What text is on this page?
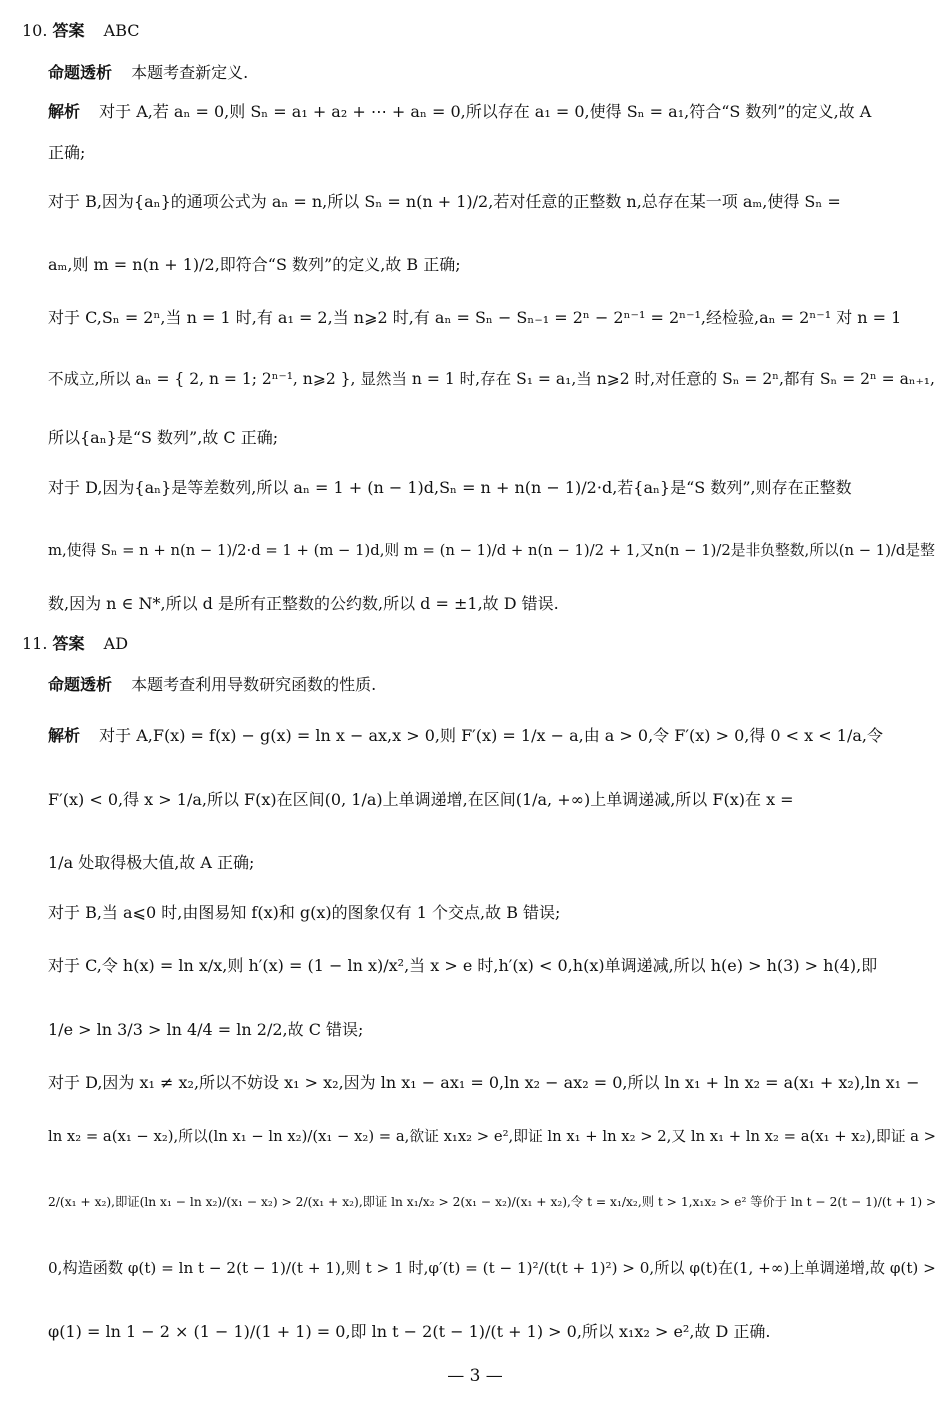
10. 答案 ABC
命题透析 本题考查新定义.
解析 对于 A,若 aₙ = 0,则 Sₙ = a₁ + a₂ + ⋯ + aₙ = 0,所以存在 a₁ = 0,使得 Sₙ = a₁,符合“S 数列”的定义,故 A
正确;
对于 B,因为{aₙ}的通项公式为 aₙ = n,所以 Sₙ = n(n + 1)/2,若对任意的正整数 n,总存在某一项 aₘ,使得 Sₙ =
aₘ,则 m = n(n + 1)/2,即符合“S 数列”的定义,故 B 正确;
对于 C,Sₙ = 2ⁿ,当 n = 1 时,有 a₁ = 2,当 n⩾2 时,有 aₙ = Sₙ − Sₙ₋₁ = 2ⁿ − 2ⁿ⁻¹ = 2ⁿ⁻¹,经检验,aₙ = 2ⁿ⁻¹ 对 n = 1
不成立,所以 aₙ = { 2, n = 1; 2ⁿ⁻¹, n⩾2 }, 显然当 n = 1 时,存在 S₁ = a₁,当 n⩾2 时,对任意的 Sₙ = 2ⁿ,都有 Sₙ = 2ⁿ = aₙ₊₁,
所以{aₙ}是“S 数列”,故 C 正确;
对于 D,因为{aₙ}是等差数列,所以 aₙ = 1 + (n − 1)d,Sₙ = n + n(n − 1)/2·d,若{aₙ}是“S 数列”,则存在正整数
m,使得 Sₙ = n + n(n − 1)/2·d = 1 + (m − 1)d,则 m = (n − 1)/d + n(n − 1)/2 + 1,又n(n − 1)/2是非负整数,所以(n − 1)/d是整
数,因为 n ∈ N*,所以 d 是所有正整数的公约数,所以 d = ±1,故 D 错误.
11. 答案 AD
命题透析 本题考查利用导数研究函数的性质.
解析 对于 A,F(x) = f(x) − g(x) = ln x − ax,x > 0,则 F′(x) = 1/x − a,由 a > 0,令 F′(x) > 0,得 0 < x < 1/a,令
F′(x) < 0,得 x > 1/a,所以 F(x)在区间(0, 1/a)上单调递增,在区间(1/a, +∞)上单调递减,所以 F(x)在 x =
1/a 处取得极大值,故 A 正确;
对于 B,当 a⩽0 时,由图易知 f(x)和 g(x)的图象仅有 1 个交点,故 B 错误;
对于 C,令 h(x) = ln x/x,则 h′(x) = (1 − ln x)/x²,当 x > e 时,h′(x) < 0,h(x)单调递减,所以 h(e) > h(3) > h(4),即
1/e > ln 3/3 > ln 4/4 = ln 2/2,故 C 错误;
对于 D,因为 x₁ ≠ x₂,所以不妨设 x₁ > x₂,因为 ln x₁ − ax₁ = 0,ln x₂ − ax₂ = 0,所以 ln x₁ + ln x₂ = a(x₁ + x₂),ln x₁ −
ln x₂ = a(x₁ − x₂),所以(ln x₁ − ln x₂)/(x₁ − x₂) = a,欲证 x₁x₂ > e²,即证 ln x₁ + ln x₂ > 2,又 ln x₁ + ln x₂ = a(x₁ + x₂),即证 a >
2/(x₁ + x₂),即证(ln x₁ − ln x₂)/(x₁ − x₂) > 2/(x₁ + x₂),即证 ln x₁/x₂ > 2(x₁ − x₂)/(x₁ + x₂),令 t = x₁/x₂,则 t > 1,x₁x₂ > e² 等价于 ln t − 2(t − 1)/(t + 1) >
0,构造函数 φ(t) = ln t − 2(t − 1)/(t + 1),则 t > 1 时,φ′(t) = (t − 1)²/(t(t + 1)²) > 0,所以 φ(t)在(1, +∞)上单调递增,故 φ(t) >
φ(1) = ln 1 − 2 × (1 − 1)/(1 + 1) = 0,即 ln t − 2(t − 1)/(t + 1) > 0,所以 x₁x₂ > e²,故 D 正确.
— 3 —
